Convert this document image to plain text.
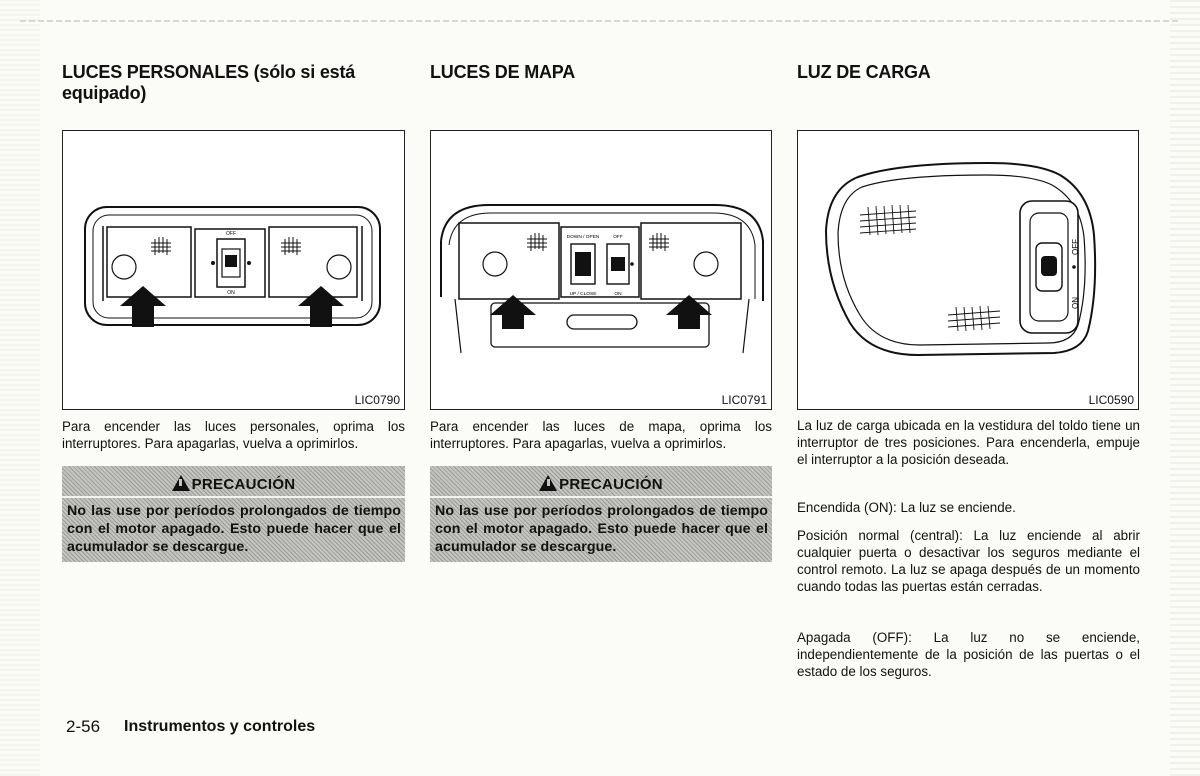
LUCES PERSONALES (sólo si está equipado)
OFF
ON
LIC0790

Para encender las luces personales, oprima los interruptores. Para apagarlas, vuelva a oprimirlos.

PRECAUCIÓN
No las use por períodos prolongados de tiempo con el motor apagado. Esto puede hacer que el acumulador se descargue.
LUCES DE MAPA
DOWN / OPEN	OFF
UP / CLOSE	ON
LIC0791

Para encender las luces de mapa, oprima los interruptores. Para apagarlas, vuelva a oprimirlos.

PRECAUCIÓN
No las use por períodos prolongados de tiempo con el motor apagado. Esto puede hacer que el acumulador se descargue.
LUZ DE CARGA
ON
OFF
LIC0590

La luz de carga ubicada en la vestidura del toldo tiene un interruptor de tres posiciones. Para encenderla, empuje el interruptor a la posición deseada.

Encendida (ON): La luz se enciende.

Posición normal (central): La luz enciende al abrir cualquier puerta o desactivar los seguros mediante el control remoto. La luz se apaga después de un momento cuando todas las puertas están cerradas.

Apagada (OFF): La luz no se enciende, independientemente de la posición de las puertas o el estado de los seguros.

2-56 Instrumentos y controles
